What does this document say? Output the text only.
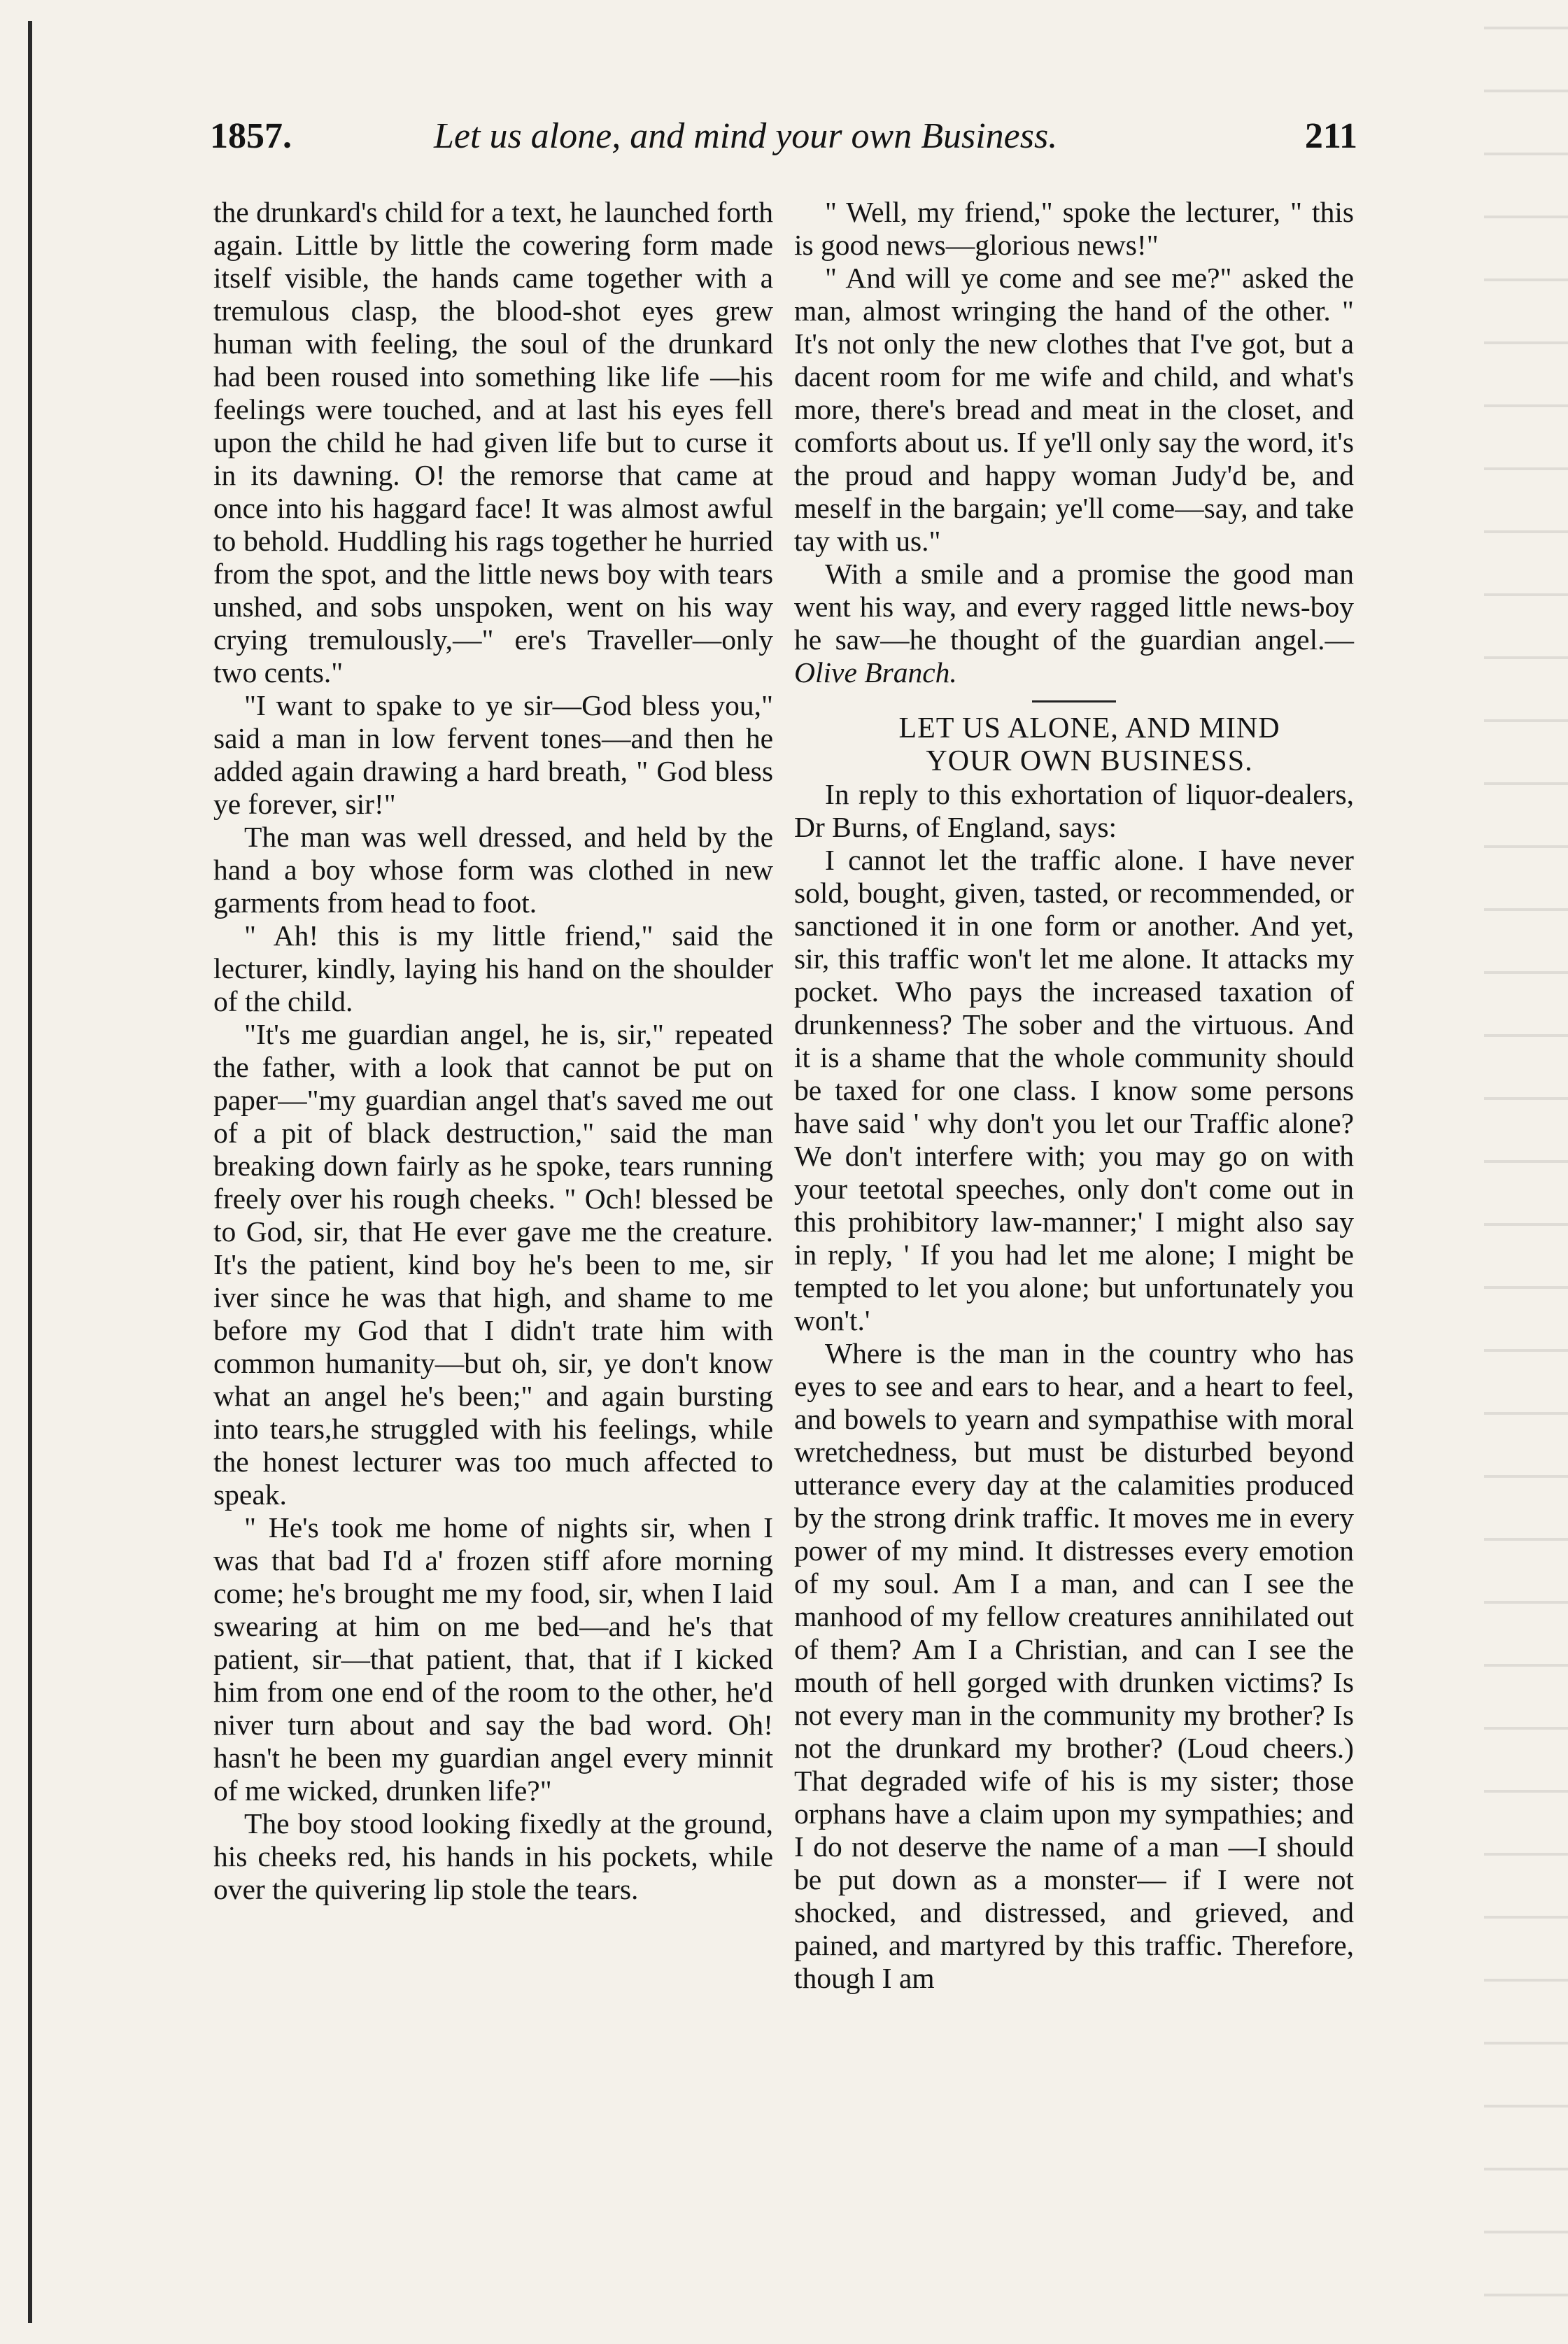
1857.	Let us alone, and mind your own Business.	211

the drunkard's child for a text, he launched forth again. Little by little the cowering form made itself visible, the hands came together with a tremulous clasp, the blood-shot eyes grew human with feeling, the soul of the drunkard had been roused into something like life —his feelings were touched, and at last his eyes fell upon the child he had given life but to curse it in its dawning. O! the remorse that came at once into his haggard face! It was almost awful to behold. Huddling his rags together he hurried from the spot, and the little news boy with tears unshed, and sobs unspoken, went on his way crying tremulously,—" ere's Traveller—only two cents."

"I want to spake to ye sir—God bless you," said a man in low fervent tones—and then he added again drawing a hard breath, " God bless ye forever, sir!"

The man was well dressed, and held by the hand a boy whose form was clothed in new garments from head to foot.

" Ah! this is my little friend," said the lecturer, kindly, laying his hand on the shoulder of the child.

"It's me guardian angel, he is, sir," repeated the father, with a look that cannot be put on paper—"my guardian angel that's saved me out of a pit of black destruction," said the man breaking down fairly as he spoke, tears running freely over his rough cheeks. " Och! blessed be to God, sir, that He ever gave me the creature. It's the patient, kind boy he's been to me, sir iver since he was that high, and shame to me before my God that I didn't trate him with common humanity—but oh, sir, ye don't know what an angel he's been;" and again bursting into tears,he struggled with his feelings, while the honest lecturer was too much affected to speak.

" He's took me home of nights sir, when I was that bad I'd a' frozen stiff afore morning come; he's brought me my food, sir, when I laid swearing at him on me bed—and he's that patient, sir—that patient, that, that if I kicked him from one end of the room to the other, he'd niver turn about and say the bad word. Oh! hasn't he been my guardian angel every minnit of me wicked, drunken life?"

The boy stood looking fixedly at the ground, his cheeks red, his hands in his pockets, while over the quivering lip stole the tears.

" Well, my friend," spoke the lecturer, " this is good news—glorious news!"

" And will ye come and see me?" asked the man, almost wringing the hand of the other. " It's not only the new clothes that I've got, but a dacent room for me wife and child, and what's more, there's bread and meat in the closet, and comforts about us. If ye'll only say the word, it's the proud and happy woman Judy'd be, and meself in the bargain; ye'll come—say, and take tay with us."

With a smile and a promise the good man went his way, and every ragged little news-boy he saw—he thought of the guardian angel.—Olive Branch.

LET US ALONE, AND MIND

YOUR OWN BUSINESS.

In reply to this exhortation of liquor-dealers, Dr Burns, of England, says:

I cannot let the traffic alone. I have never sold, bought, given, tasted, or recommended, or sanctioned it in one form or another. And yet, sir, this traffic won't let me alone. It attacks my pocket. Who pays the increased taxation of drunkenness? The sober and the virtuous. And it is a shame that the whole community should be taxed for one class. I know some persons have said ' why don't you let our Traffic alone? We don't interfere with; you may go on with your teetotal speeches, only don't come out in this prohibitory law-manner;' I might also say in reply, ' If you had let me alone; I might be tempted to let you alone; but unfortunately you won't.'

Where is the man in the country who has eyes to see and ears to hear, and a heart to feel, and bowels to yearn and sympathise with moral wretchedness, but must be disturbed beyond utterance every day at the calamities produced by the strong drink traffic. It moves me in every power of my mind. It distresses every emotion of my soul. Am I a man, and can I see the manhood of my fellow creatures annihilated out of them? Am I a Christian, and can I see the mouth of hell gorged with drunken victims? Is not every man in the community my brother? Is not the drunkard my brother? (Loud cheers.) That degraded wife of his is my sister; those orphans have a claim upon my sympathies; and I do not deserve the name of a man —I should be put down as a monster— if I were not shocked, and distressed, and grieved, and pained, and martyred by this traffic. Therefore, though I am
